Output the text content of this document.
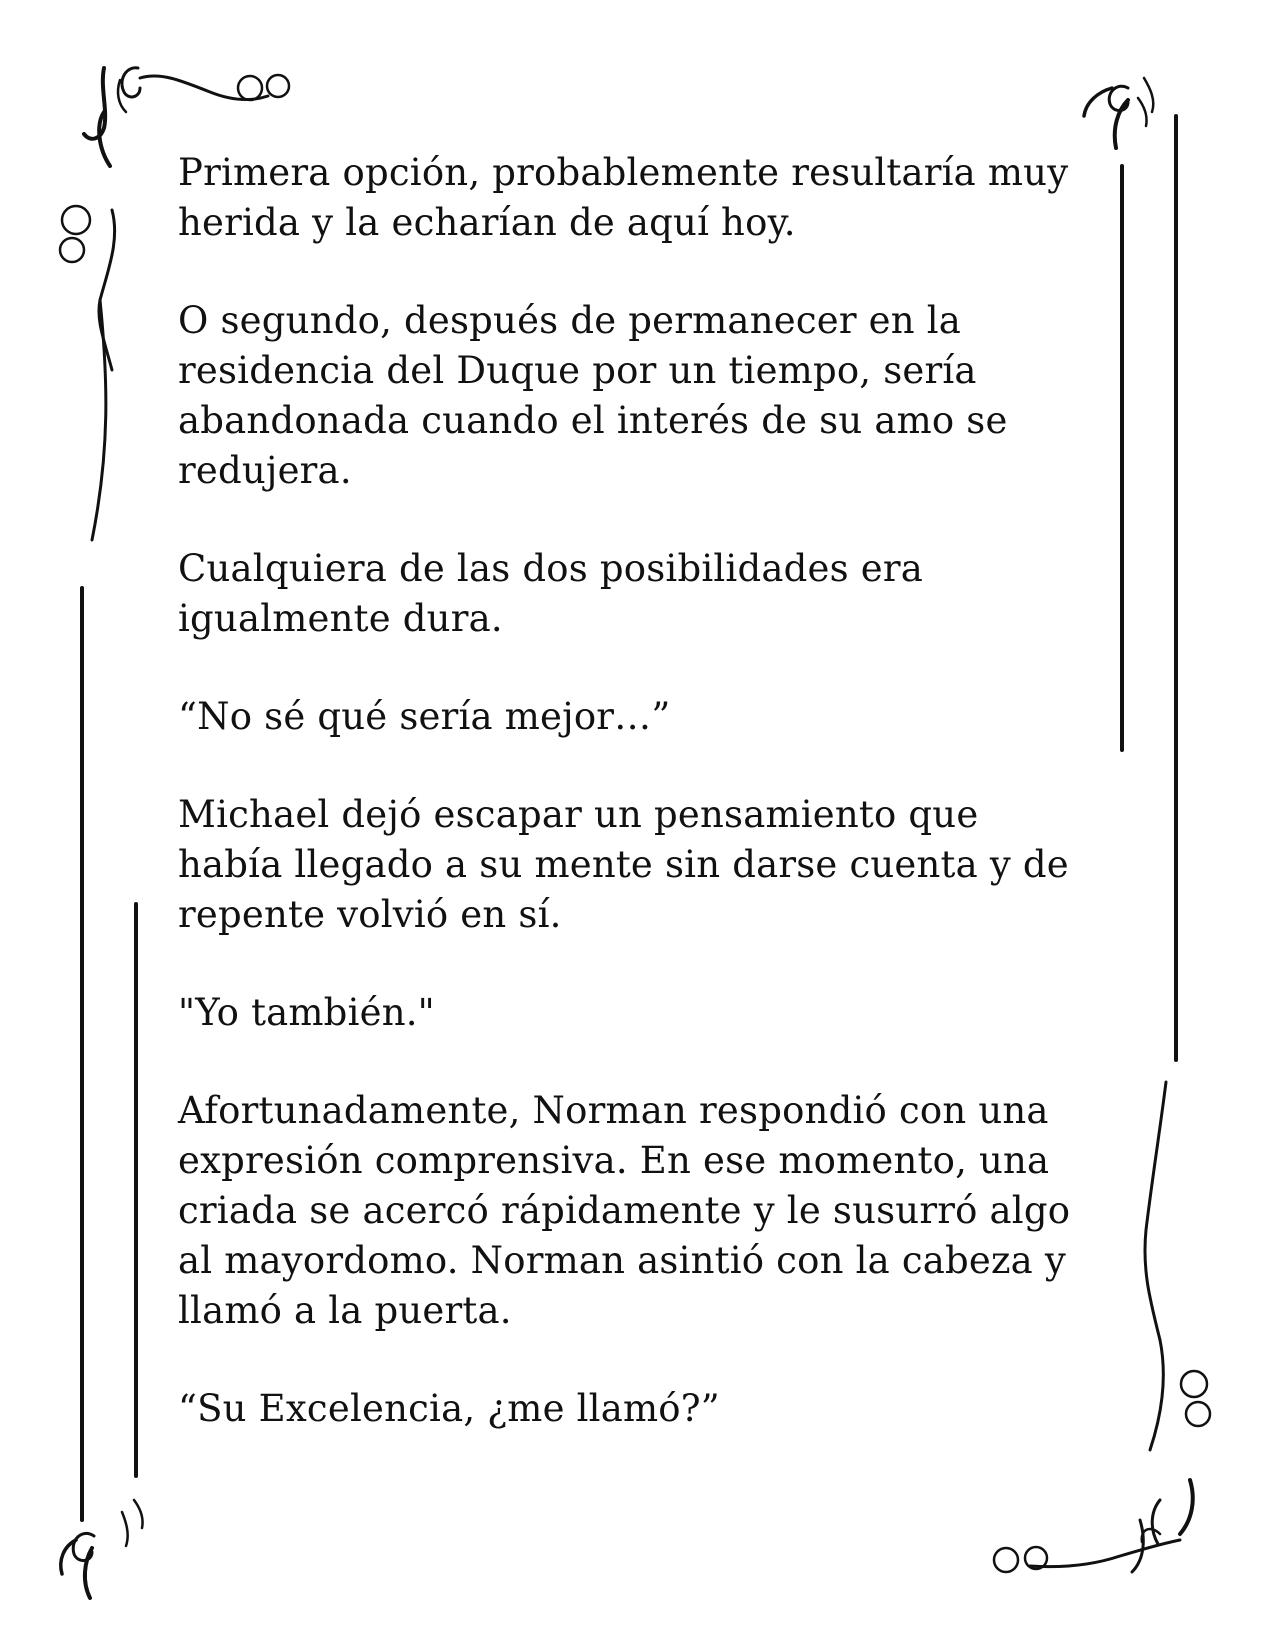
Primera opción, probablemente resultaría muy
herida y la echarían de aquí hoy.

O segundo, después de permanecer en la
residencia del Duque por un tiempo, sería
abandonada cuando el interés de su amo se
redujera.

Cualquiera de las dos posibilidades era
igualmente dura.

“No sé qué sería mejor…”

Michael dejó escapar un pensamiento que
había llegado a su mente sin darse cuenta y de
repente volvió en sí.

"Yo también."

Afortunadamente, Norman respondió con una
expresión comprensiva. En ese momento, una
criada se acercó rápidamente y le susurró algo
al mayordomo. Norman asintió con la cabeza y
llamó a la puerta.

“Su Excelencia, ¿me llamó?”
